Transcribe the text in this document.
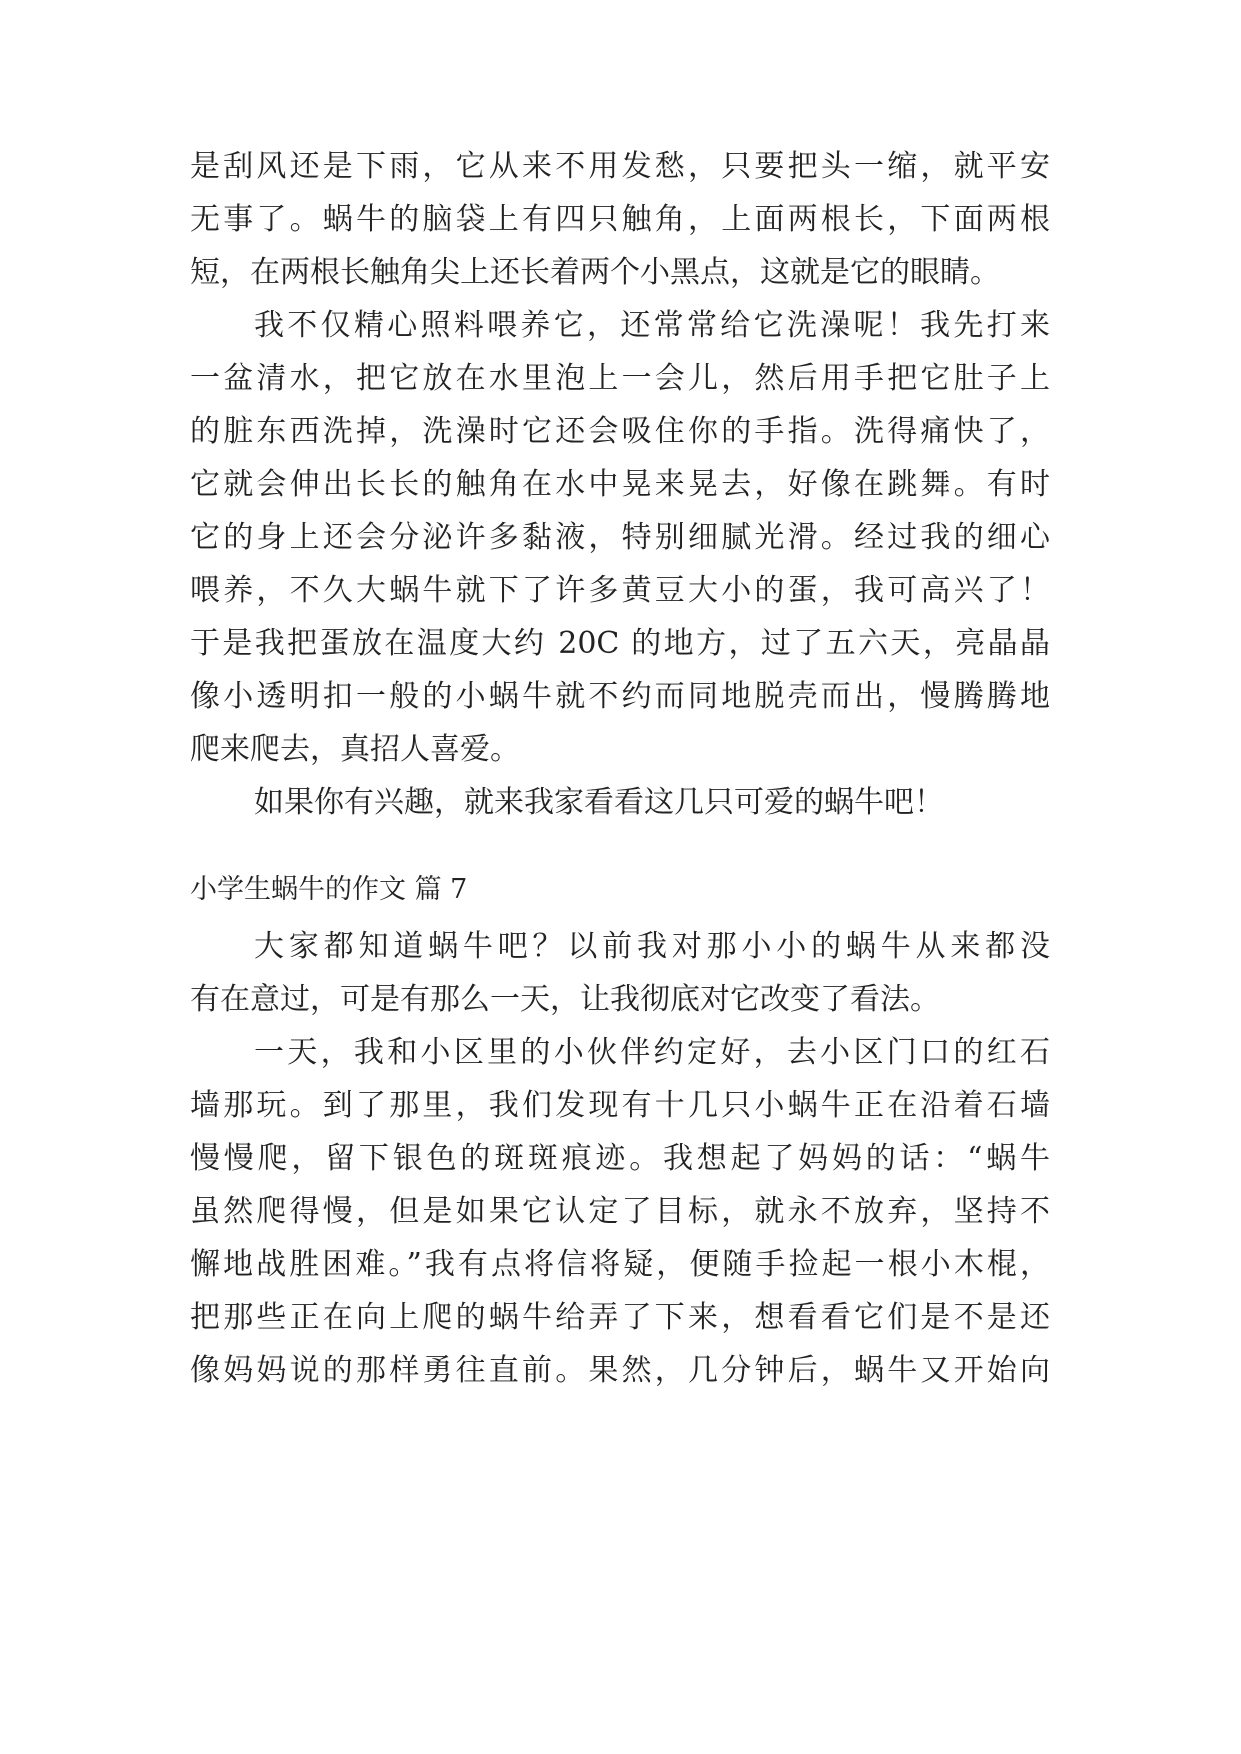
是刮风还是下雨，它从来不用发愁，只要把头一缩，就平安
无事了。蜗牛的脑袋上有四只触角，上面两根长，下面两根
短，在两根长触角尖上还长着两个小黑点，这就是它的眼睛。
我不仅精心照料喂养它，还常常给它洗澡呢！我先打来
一盆清水，把它放在水里泡上一会儿，然后用手把它肚子上
的脏东西洗掉，洗澡时它还会吸住你的手指。洗得痛快了，
它就会伸出长长的触角在水中晃来晃去，好像在跳舞。有时
它的身上还会分泌许多黏液，特别细腻光滑。经过我的细心
喂养，不久大蜗牛就下了许多黄豆大小的蛋，我可高兴了！
于是我把蛋放在温度大约 20C 的地方，过了五六天，亮晶晶
像小透明扣一般的小蜗牛就不约而同地脱壳而出，慢腾腾地
爬来爬去，真招人喜爱。
如果你有兴趣，就来我家看看这几只可爱的蜗牛吧！
小学生蜗牛的作文 篇 7
大家都知道蜗牛吧？以前我对那小小的蜗牛从来都没
有在意过，可是有那么一天，让我彻底对它改变了看法。
一天，我和小区里的小伙伴约定好，去小区门口的红石
墙那玩。到了那里，我们发现有十几只小蜗牛正在沿着石墙
慢慢爬，留下银色的斑斑痕迹。我想起了妈妈的话：“蜗牛
虽然爬得慢，但是如果它认定了目标，就永不放弃，坚持不
懈地战胜困难。”我有点将信将疑，便随手捡起一根小木棍，
把那些正在向上爬的蜗牛给弄了下来，想看看它们是不是还
像妈妈说的那样勇往直前。果然，几分钟后，蜗牛又开始向
